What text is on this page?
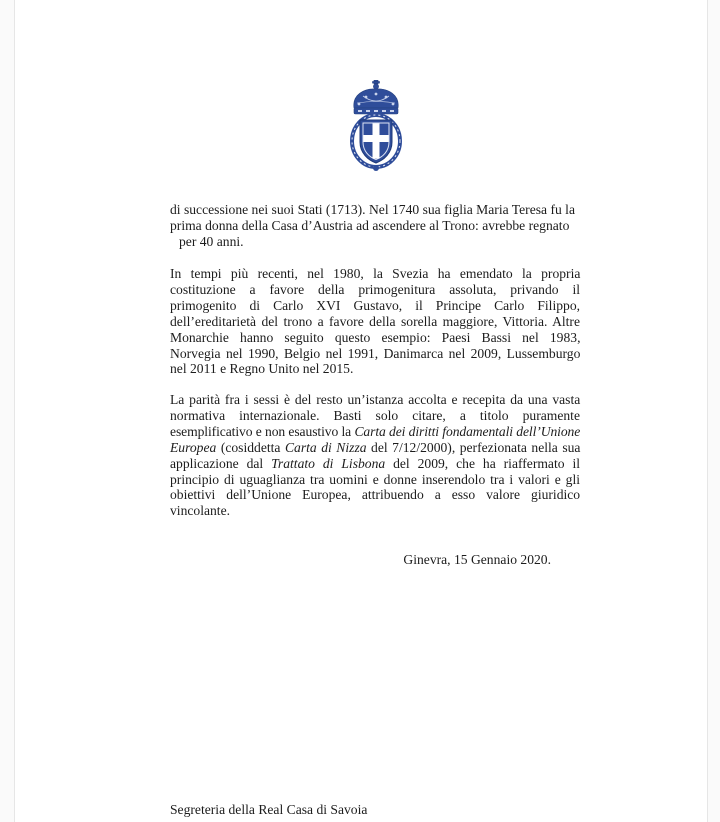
di successione nei suoi Stati (1713). Nel 1740 sua figlia Maria Teresa fu la
prima donna della Casa d’Austria ad ascendere al Trono: avrebbe regnato
per 40 anni.
In tempi più recenti, nel 1980, la Svezia ha emendato la propria
costituzione a favore della primogenitura assoluta, privando il
primogenito di Carlo XVI Gustavo, il Principe Carlo Filippo,
dell’ereditarietà del trono a favore della sorella maggiore, Vittoria. Altre
Monarchie hanno seguito questo esempio: Paesi Bassi nel 1983,
Norvegia nel 1990, Belgio nel 1991, Danimarca nel 2009, Lussemburgo
nel 2011 e Regno Unito nel 2015.
La parità fra i sessi è del resto un’istanza accolta e recepita da una vasta
normativa internazionale. Basti solo citare, a titolo puramente
esemplificativo e non esaustivo la Carta dei diritti fondamentali dell’Unione
Europea (cosiddetta Carta di Nizza del 7/12/2000), perfezionata nella sua
applicazione dal Trattato di Lisbona del 2009, che ha riaffermato il
principio di uguaglianza tra uomini e donne inserendolo tra i valori e gli
obiettivi dell’Unione Europea, attribuendo a esso valore giuridico
vincolante.
Ginevra, 15 Gennaio 2020.
Segreteria della Real Casa di Savoia
